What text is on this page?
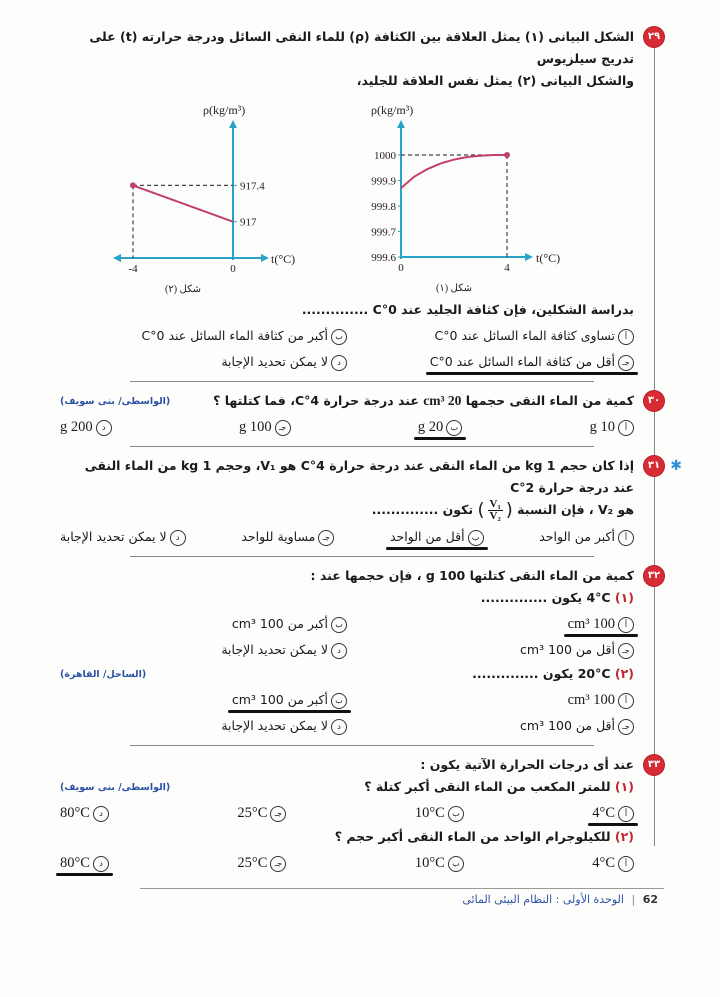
٢٩
الشكل البيانى (١) يمثل العلاقة بين الكثافة (ρ) للماء النقى السائل ودرجة حرارته (t) على تدريج سيلزيوس
والشكل البيانى (٢) يمثل نفس العلاقة للجليد،
ρ(kg/m³)
t(°C)
917.4
917
-4	0
شكل (٢)
ρ(kg/m³)
t(°C)
999.6
999.7
999.8
999.9
1000
0	4
شكل (١)
بدراسة الشكلين، فإن كثافة الجليد عند 0°C ..............
أتساوى كثافة الماء السائل عند 0°C
بأكبر من كثافة الماء السائل عند 0°C
جـأقل من كثافة الماء السائل عند 0°C
دلا يمكن تحديد الإجابة
٣٠
كمية من الماء النقى حجمها 20 cm³ عند درجة حرارة 4°C، فما كتلتها ؟
(الواسطى/ بنى سويف)
أ10 g
ب20 g
جـ100 g
د200 g
٣١ ✱
إذا كان حجم 1 kg من الماء النقى عند درجة حرارة 4°C هو V₁، وحجم 1 kg من الماء النقى عند درجة حرارة 2°C
هو V₂ ، فإن النسبة (
$\frac{\text{V₁}}{\text{V₂}}$
) تكون ..............
أأكبر من الواحد
بأقل من الواحد
جـمساوية للواحد
دلا يمكن تحديد الإجابة
٣٢
كمية من الماء النقى كتلتها 100 g ، فإن حجمها عند :
(١) 4°C يكون ..............
أ100 cm³
بأكبر من 100 cm³
جـأقل من 100 cm³
دلا يمكن تحديد الإجابة
(٢) 20°C يكون ..............
(الساحل/ القاهرة)
أ100 cm³
بأكبر من 100 cm³
جـأقل من 100 cm³
دلا يمكن تحديد الإجابة
٣٣
عند أى درجات الحرارة الآتية يكون :
(١) للمتر المكعب من الماء النقى أكبر كتلة ؟
(الواسطى/ بنى سويف)
أ4°C
ب10°C
جـ25°C
د80°C
(٢) للكيلوجرام الواحد من الماء النقى أكبر حجم ؟
أ4°C
ب10°C
جـ25°C
د80°C
62 | الوحدة الأولى : النظام البيئى المائى
